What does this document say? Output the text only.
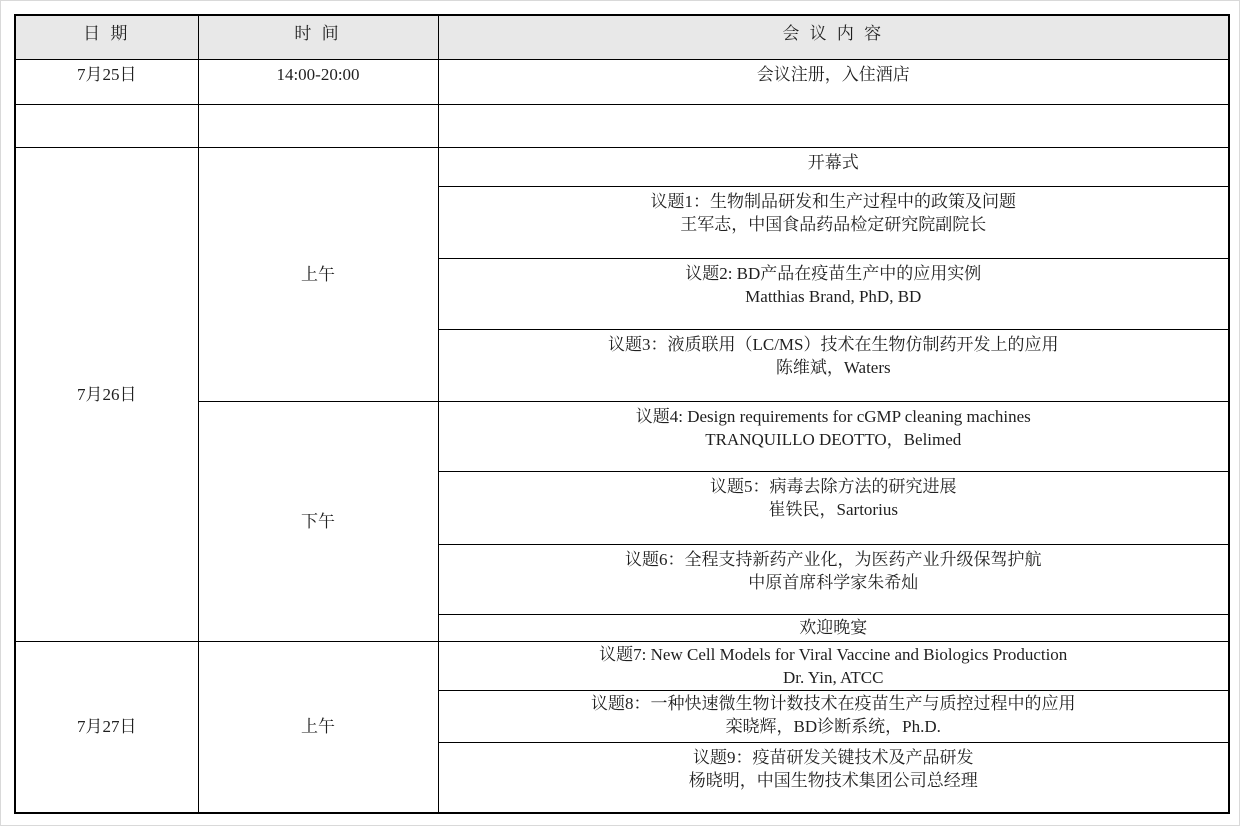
日 期	时 间	会 议 内 容
7月25日	14:00-20:00	会议注册，入住酒店

7月26日	上午	开幕式

		议题1：生物制品研发和生产过程中的政策及问题
王军志，中国食品药品检定研究院副院长

		议题2: BD产品在疫苗生产中的应用实例
Matthias Brand, PhD, BD

		议题3：液质联用（LC/MS）技术在生物仿制药开发上的应用
陈维斌，Waters

	下午	议题4: Design requirements for cGMP cleaning machines
TRANQUILLO DEOTTO，Belimed

		议题5：病毒去除方法的研究进展
崔铁民，Sartorius

		议题6：全程支持新药产业化，为医药产业升级保驾护航
中原首席科学家朱希灿

		欢迎晚宴
7月27日	上午	议题7: New Cell Models for Viral Vaccine and Biologics Production
Dr. Yin, ATCC

		议题8：一种快速微生物计数技术在疫苗生产与质控过程中的应用
栾晓辉，BD诊断系统，Ph.D.

		议题9：疫苗研发关键技术及产品研发
杨晓明，中国生物技术集团公司总经理
